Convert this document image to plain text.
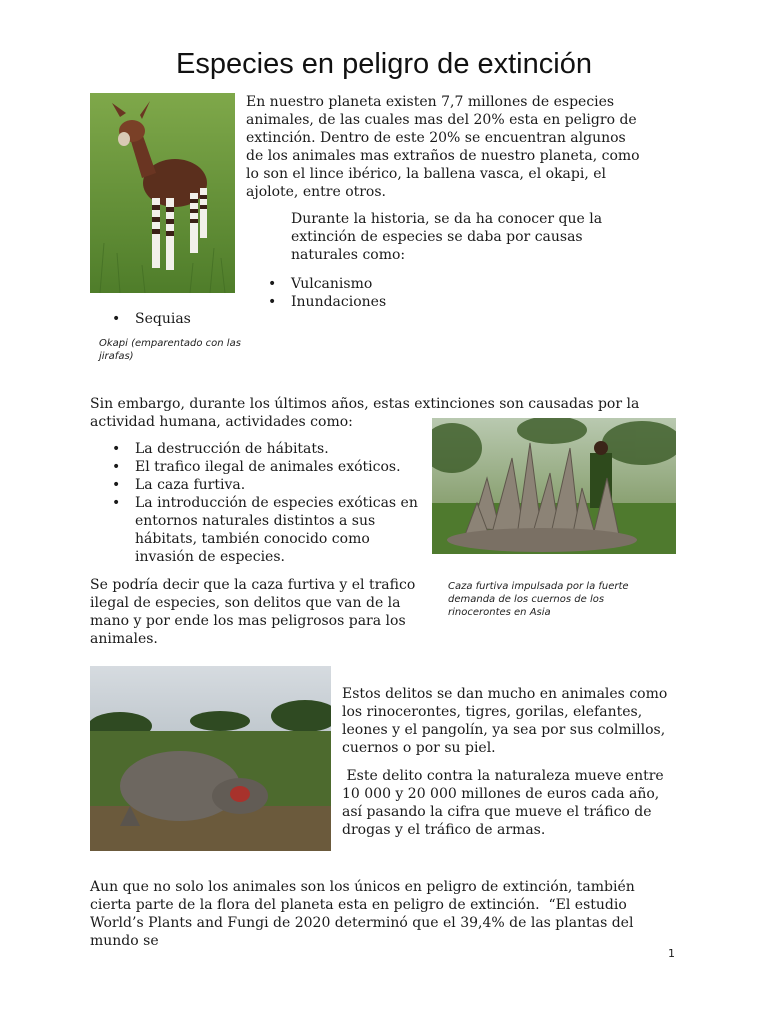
Especies en peligro de extinción

En nuestro planeta existen 7,7 millones de especies animales, de las cuales mas del 20% esta en peligro de extinción. Dentro de este 20% se encuentran algunos de los animales mas extraños de nuestro planeta, como lo son el lince ibérico, la ballena vasca, el okapi, el ajolote, entre otros.

Durante la historia, se da ha conocer que la extinción de especies se daba por causas naturales como:

• Vulcanismo
• Inundaciones
• Sequias
Okapi (emparentado con las jirafas)

Sin embargo, durante los últimos años, estas extinciones son causadas por la actividad humana, actividades como:

• La destrucción de hábitats.
• El trafico ilegal de animales exóticos.
• La caza furtiva.
• La introducción de especies exóticas en entornos naturales distintos a sus hábitats, también conocido como invasión de especies.
Caza furtiva impulsada por la fuerte demanda de los cuernos de los rinocerontes en Asia

Se podría decir que la caza furtiva y el trafico ilegal de especies, son delitos que van de la mano y por ende los mas peligrosos para los animales.

Estos delitos se dan mucho en animales como los rinocerontes, tigres, gorilas, elefantes, leones y el pangolín, ya sea por sus colmillos, cuernos o por su piel.

Este delito contra la naturaleza mueve entre 10 000 y 20 000 millones de euros cada año, así pasando la cifra que mueve el tráfico de drogas y el tráfico de armas.

Aun que no solo los animales son los únicos en peligro de extinción, también cierta parte de la flora del planeta esta en peligro de extinción.  “El estudio World’s Plants and Fungi de 2020 determinó que el 39,4% de las plantas del mundo se

1
